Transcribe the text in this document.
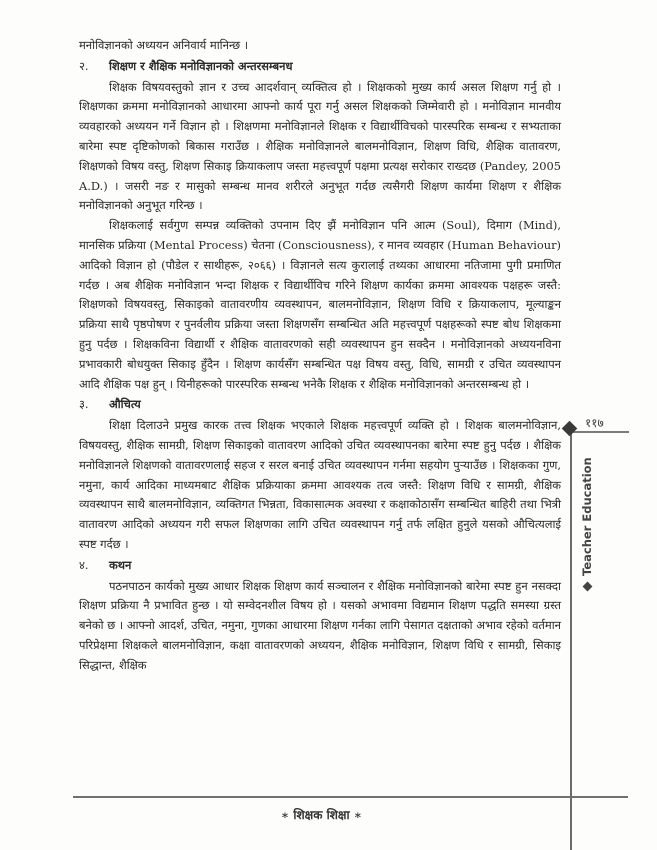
मनोविज्ञानको अध्ययन अनिवार्य मानिन्छ ।

२.	शिक्षण र शैक्षिक मनोविज्ञानको अन्तरसम्बनध

शिक्षक विषयवस्तुको ज्ञान र उच्च आदर्शवान् व्यक्तित्व हो । शिक्षकको मुख्य कार्य असल शिक्षण गर्नु हो । शिक्षणका क्रममा मनोविज्ञानको आधारमा आफ्नो कार्य पूरा गर्नु असल शिक्षकको जिम्मेवारी हो । मनोविज्ञान मानवीय व्यवहारको अध्ययन गर्ने विज्ञान हो । शिक्षणमा मनोविज्ञानले शिक्षक र विद्यार्थीविचको पारस्परिक सम्बन्ध र सभ्यताका बारेमा स्पष्ट दृष्टिकोणको बिकास गराउँछ । शैक्षिक मनोविज्ञानले बालमनोविज्ञान, शिक्षण विधि, शैक्षिक वातावरण, शिक्षणको विषय वस्तु, शिक्षण सिकाइ क्रियाकलाप जस्ता महत्त्वपूर्ण पक्षमा प्रत्यक्ष सरोकार राख्दछ (Pandey, 2005 A.D.) । जसरी नङ र मासुको सम्बन्ध मानव शरीरले अनुभूत गर्दछ त्यसैगरी शिक्षण कार्यमा शिक्षण र शैक्षिक मनोविज्ञानको अनुभूत गरिन्छ ।

शिक्षकलाई सर्वगुण सम्पन्न व्यक्तिको उपनाम दिए झैं मनोविज्ञान पनि आत्म (Soul), दिमाग (Mind), मानसिक प्रक्रिया (Mental Process) चेतना (Consciousness), र मानव व्यवहार (Human Behaviour) आदिको विज्ञान हो (पौडेल र साथीहरू, २०६६) । विज्ञानले सत्य कुरालाई तथ्यका आधारमा नतिजामा पुगी प्रमाणित गर्दछ । अब शैक्षिक मनोविज्ञान भन्दा शिक्षक र विद्यार्थीविच गरिने शिक्षण कार्यका क्रममा आवश्यक पक्षहरू जस्तै: शिक्षणको विषयवस्तु, सिकाइको वातावरणीय व्यवस्थापन, बालमनोविज्ञान, शिक्षण विधि र क्रियाकलाप, मूल्याङ्कन प्रक्रिया साथै पृष्ठपोषण र पुनर्वलीय प्रक्रिया जस्ता शिक्षणसँग सम्बन्धित अति महत्त्वपूर्ण पक्षहरूको स्पष्ट बोध शिक्षकमा हुनु पर्दछ । शिक्षकविना विद्यार्थी र शैक्षिक वातावरणको सही व्यवस्थापन हुन सक्दैन । मनोविज्ञानको अध्ययनविना प्रभावकारी बोधयुक्त सिकाइ हुँदैन । शिक्षण कार्यसँग सम्बन्धित पक्ष विषय वस्तु, विधि, सामग्री र उचित व्यवस्थापन आदि शैक्षिक पक्ष हुन् । यिनीहरूको पारस्परिक सम्बन्ध भनेकै शिक्षक र शैक्षिक मनोविज्ञानको अन्तरसम्बन्ध हो ।

३.	औचित्य

शिक्षा दिलाउने प्रमुख कारक तत्त्व शिक्षक भएकाले शिक्षक महत्त्वपूर्ण व्यक्ति हो । शिक्षक बालमनोविज्ञान, विषयवस्तु, शैक्षिक सामग्री, शिक्षण सिकाइको वातावरण आदिको उचित व्यवस्थापनका बारेमा स्पष्ट हुनु पर्दछ । शैक्षिक मनोविज्ञानले शिक्षणको वातावरणलाई सहज र सरल बनाई उचित व्यवस्थापन गर्नमा सहयोग पुऱ्याउँछ । शिक्षकका गुण, नमुना, कार्य आदिका माध्यमबाट शैक्षिक प्रक्रियाका क्रममा आवश्यक तत्व जस्तै: शिक्षण विधि र सामग्री, शैक्षिक व्यवस्थापन साथै बालमनोविज्ञान, व्यक्तिगत भिन्नता, विकासात्मक अवस्था र कक्षाकोठासँग सम्बन्धित बाहिरी तथा भित्री वातावरण आदिको अध्ययन गरी सफल शिक्षणका लागि उचित व्यवस्थापन गर्नु तर्फ लक्षित हुनुले यसको औचित्यलाई स्पष्ट गर्दछ ।

४.	कथन

पठनपाठन कार्यको मुख्य आधार शिक्षक शिक्षण कार्य सञ्चालन र शैक्षिक मनोविज्ञानको बारेमा स्पष्ट हुन नसक्दा शिक्षण प्रक्रिया नै प्रभावित हुन्छ । यो सम्वेदनशील विषय हो । यसको अभावमा विद्यमान शिक्षण पद्धति समस्या ग्रस्त बनेको छ । आफ्नो आदर्श, उचित, नमुना, गुणका आधारमा शिक्षण गर्नका लागि पेसागत दक्षताको अभाव रहेको वर्तमान परिप्रेक्षमा शिक्षकले बालमनोविज्ञान, कक्षा वातावरणको अध्ययन, शैक्षिक मनोविज्ञान, शिक्षण विधि र सामग्री, सिकाइ सिद्धान्त, शैक्षिक

११७
Teacher Education
∗ शिक्षक शिक्षा ∗
